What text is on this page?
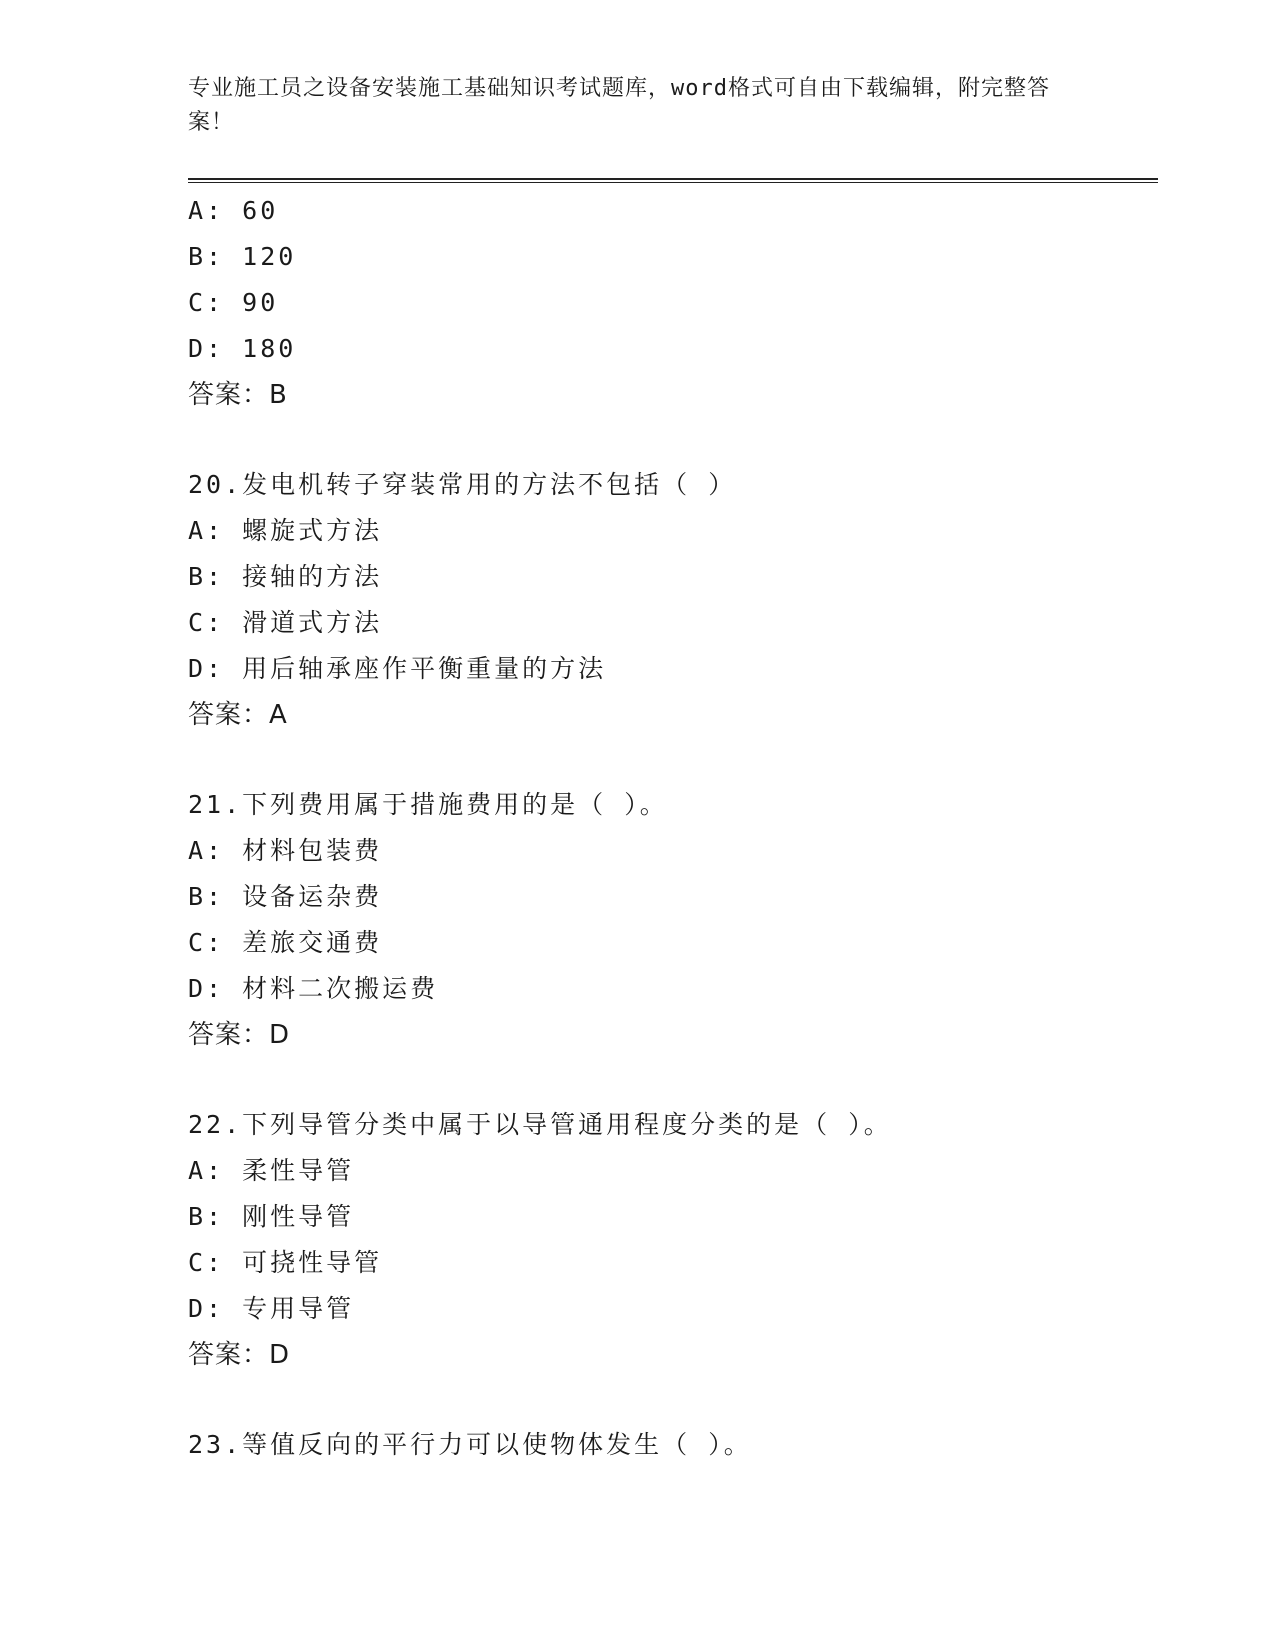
专业施工员之设备安装施工基础知识考试题库，word格式可自由下载编辑，附完整答案！
A: 60
B: 120
C: 90
D: 180
答案：B
20.发电机转子穿装常用的方法不包括（ ）
A: 螺旋式方法
B: 接轴的方法
C: 滑道式方法
D: 用后轴承座作平衡重量的方法
答案：A
21.下列费用属于措施费用的是（ ）。
A: 材料包装费
B: 设备运杂费
C: 差旅交通费
D: 材料二次搬运费
答案：D
22.下列导管分类中属于以导管通用程度分类的是（ ）。
A: 柔性导管
B: 刚性导管
C: 可挠性导管
D: 专用导管
答案：D
23.等值反向的平行力可以使物体发生（ ）。
